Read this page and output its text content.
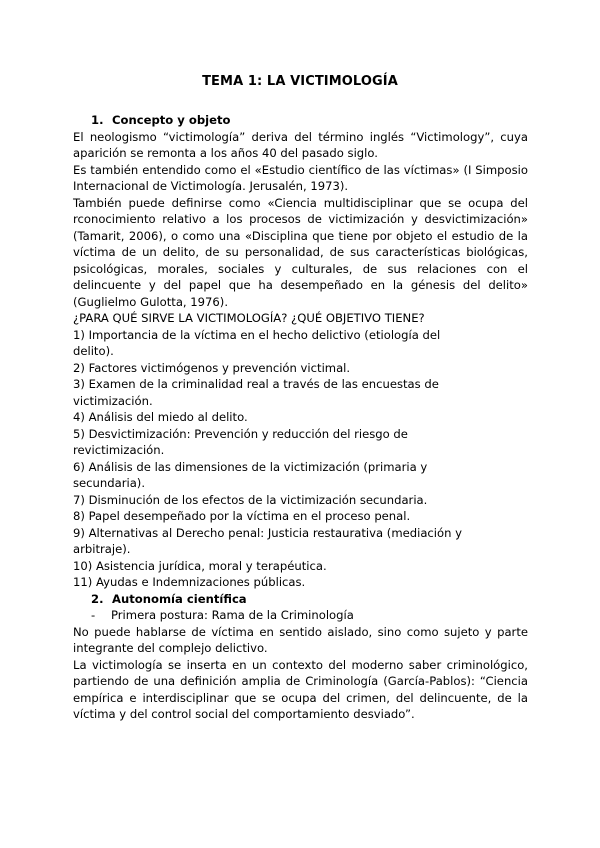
TEMA 1: LA VICTIMOLOGÍA

1. Concepto y objeto

El neologismo “victimología” deriva del término inglés “Victimology”, cuya aparición se remonta a los años 40 del pasado siglo.

Es también entendido como el «Estudio científico de las víctimas» (I Simposio Internacional de Victimología. Jerusalén, 1973).

También puede definirse como «Ciencia multidisciplinar que se ocupa del rconocimiento relativo a los procesos de victimización y desvictimización» (Tamarit, 2006), o como una «Disciplina que tiene por objeto el estudio de la víctima de un delito, de su personalidad, de sus características biológicas, psicológicas, morales, sociales y culturales, de sus relaciones con el delincuente y del papel que ha desempeñado en la génesis del delito» (Guglielmo Gulotta, 1976).

¿PARA QUÉ SIRVE LA VICTIMOLOGÍA? ¿QUÉ OBJETIVO TIENE?

1) Importancia de la víctima en el hecho delictivo (etiología del delito).

2) Factores victimógenos y prevención victimal.

3) Examen de la criminalidad real a través de las encuestas de victimización.

4) Análisis del miedo al delito.

5) Desvictimización: Prevención y reducción del riesgo de revictimización.

6) Análisis de las dimensiones de la victimización (primaria y secundaria).

7) Disminución de los efectos de la victimización secundaria.

8) Papel desempeñado por la víctima en el proceso penal.

9) Alternativas al Derecho penal: Justicia restaurativa (mediación y arbitraje).

10) Asistencia jurídica, moral y terapéutica.

11) Ayudas e Indemnizaciones públicas.

2. Autonomía científica

- Primera postura: Rama de la Criminología

No puede hablarse de víctima en sentido aislado, sino como sujeto y parte integrante del complejo delictivo.

La victimología se inserta en un contexto del moderno saber criminológico, partiendo de una definición amplia de Criminología (García-Pablos): “Ciencia empírica e interdisciplinar que se ocupa del crimen, del delincuente, de la víctima y del control social del comportamiento desviado”.
